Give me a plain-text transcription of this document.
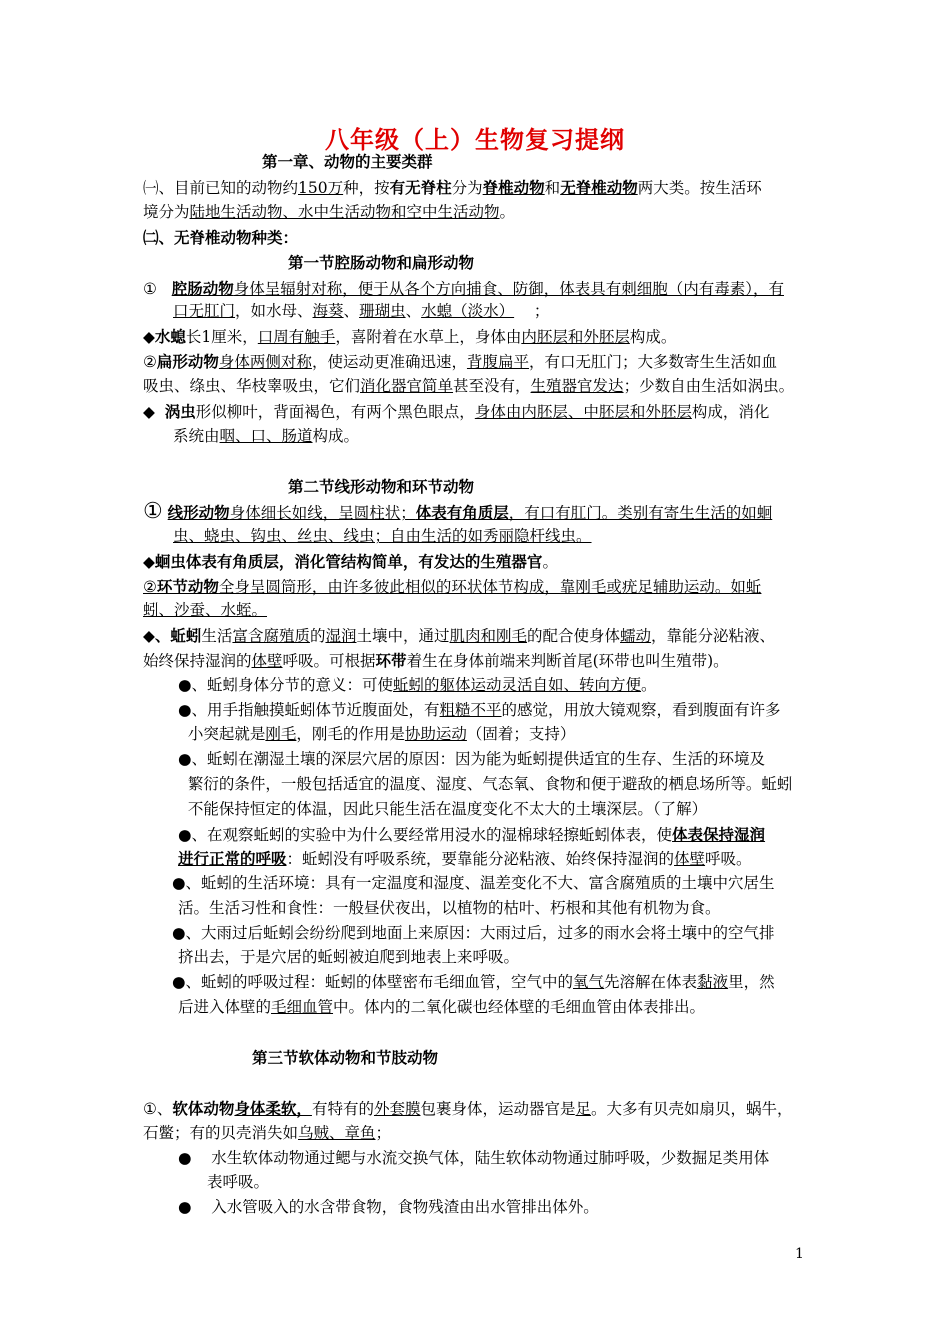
八年级（上）生物复习提纲
第一章、动物的主要类群
㈠、目前已知的动物约150万种，按有无脊柱分为脊椎动物和无脊椎动物两大类。按生活环
境分为陆地生活动物、水中生活动物和空中生活动物。
㈡、无脊椎动物种类：
第一节腔肠动物和扁形动物
① 腔肠动物身体呈辐射对称，便于从各个方向捕食、防御，体表具有刺细胞（内有毒素），有
口无肛门，如水母、海葵、珊瑚虫、水螅（淡水） ；
◆水螅长1厘米，口周有触手，喜附着在水草上，身体由内胚层和外胚层构成。
②扁形动物身体两侧对称，使运动更准确迅速，背腹扁平，有口无肛门；大多数寄生生活如血
吸虫、绦虫、华枝睾吸虫，它们消化器官简单甚至没有，生殖器官发达；少数自由生活如涡虫。
◆ 涡虫形似柳叶，背面褐色，有两个黑色眼点，身体由内胚层、中胚层和外胚层构成，消化
系统由咽、口、肠道构成。
第二节线形动物和环节动物
① 线形动物身体细长如线，呈圆柱状；体表有角质层，有口有肛门。类别有寄生生活的如蛔
虫、蛲虫、钩虫、丝虫、线虫；自由生活的如秀丽隐杆线虫。
◆蛔虫体表有角质层，消化管结构简单，有发达的生殖器官。
②环节动物全身呈圆筒形，由许多彼此相似的环状体节构成，靠刚毛或疣足辅助运动。如蚯
蚓、沙蚕、水蛭。
◆、蚯蚓生活富含腐殖质的湿润土壤中，通过肌肉和刚毛的配合使身体蠕动，靠能分泌粘液、
始终保持湿润的体壁呼吸。可根据环带着生在身体前端来判断首尾(环带也叫生殖带)。
●、蚯蚓身体分节的意义：可使蚯蚓的躯体运动灵活自如、转向方便。
●、用手指触摸蚯蚓体节近腹面处，有粗糙不平的感觉，用放大镜观察，看到腹面有许多
小突起就是刚毛，刚毛的作用是协助运动（固着；支持）
●、蚯蚓在潮湿土壤的深层穴居的原因：因为能为蚯蚓提供适宜的生存、生活的环境及
繁衍的条件，一般包括适宜的温度、湿度、气态氧、食物和便于避敌的栖息场所等。蚯蚓
不能保持恒定的体温，因此只能生活在温度变化不太大的土壤深层。（了解）
●、在观察蚯蚓的实验中为什么要经常用浸水的湿棉球轻擦蚯蚓体表，使体表保持湿润
进行正常的呼吸：蚯蚓没有呼吸系统，要靠能分泌粘液、始终保持湿润的体壁呼吸。
●、蚯蚓的生活环境：具有一定温度和湿度、温差变化不大、富含腐殖质的土壤中穴居生
活。生活习性和食性：一般昼伏夜出，以植物的枯叶、朽根和其他有机物为食。
●、大雨过后蚯蚓会纷纷爬到地面上来原因：大雨过后，过多的雨水会将土壤中的空气排
挤出去，于是穴居的蚯蚓被迫爬到地表上来呼吸。
●、蚯蚓的呼吸过程：蚯蚓的体壁密布毛细血管，空气中的氧气先溶解在体表黏液里，然
后进入体壁的毛细血管中。体内的二氧化碳也经体壁的毛细血管由体表排出。
第三节软体动物和节肢动物
①、软体动物身体柔软，有特有的外套膜包裹身体，运动器官是足。大多有贝壳如扇贝，蜗牛，
石鳖；有的贝壳消失如乌贼、章鱼；
● 水生软体动物通过鳃与水流交换气体，陆生软体动物通过肺呼吸，少数掘足类用体
表呼吸。
● 入水管吸入的水含带食物，食物残渣由出水管排出体外。
1
